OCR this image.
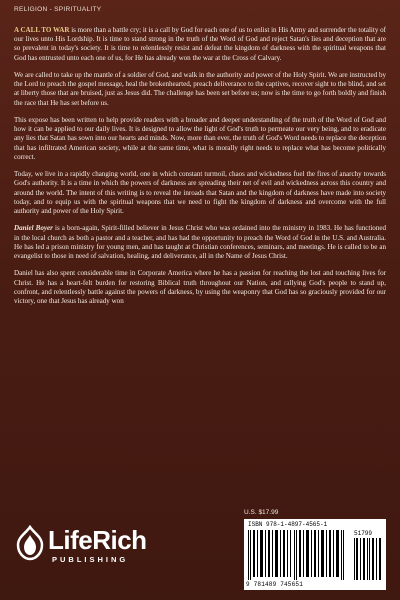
RELIGION - SPIRITUALITY

A CALL TO WAR is more than a battle cry; it is a call by God for each one of us to enlist in His Army and surrender the totality of our lives unto His Lordship. It is time to stand strong in the truth of the Word of God and reject Satan's lies and deception that are so prevalent in today's society. It is time to relentlessly resist and defeat the kingdom of darkness with the spiritual weapons that God has entrusted unto each one of us, for He has already won the war at the Cross of Calvary.

We are called to take up the mantle of a soldier of God, and walk in the authority and power of the Holy Spirit. We are instructed by the Lord to preach the gospel message, heal the brokenhearted, preach deliverance to the captives, recover sight to the blind, and set at liberty those that are bruised, just as Jesus did. The challenge has been set before us; now is the time to go forth boldly and finish the race that He has set before us.

This expose has been written to help provide readers with a broader and deeper understanding of the truth of the Word of God and how it can be applied to our daily lives. It is designed to allow the light of God's truth to permeate our very being, and to eradicate any lies that Satan has sown into our hearts and minds. Now, more than ever, the truth of God's Word needs to replace the deception that has infiltrated American society, while at the same time, what is morally right needs to replace what has become politically correct.

Today, we live in a rapidly changing world, one in which constant turmoil, chaos and wickedness fuel the fires of anarchy towards God's authority. It is a time in which the powers of darkness are spreading their net of evil and wickedness across this country and around the world. The intent of this writing is to reveal the inroads that Satan and the kingdom of darkness have made into society today, and to equip us with the spiritual weapons that we need to fight the kingdom of darkness and overcome with the full authority and power of the Holy Spirit.

Daniel Boyer is a born-again, Spirit-filled believer in Jesus Christ who was ordained into the ministry in 1983. He has functioned in the local church as both a pastor and a teacher, and has had the opportunity to preach the Word of God in the U.S. and Australia. He has led a prison ministry for young men, and has taught at Christian conferences, seminars, and meetings. He is called to be an evangelist to those in need of salvation, healing, and deliverance, all in the Name of Jesus Christ.

Daniel has also spent considerable time in Corporate America where he has a passion for reaching the lost and touching lives for Christ. He has a heart-felt burden for restoring Biblical truth throughout our Nation, and rallying God's people to stand up, confront, and relentlessly battle against the powers of darkness, by using the weaponry that God has so graciously provided for our victory, one that Jesus has already won

LifeRich
PUBLISHING
U.S. $17.99
ISBN 978-1-4897-4565-1
51799
9 781489 745651
